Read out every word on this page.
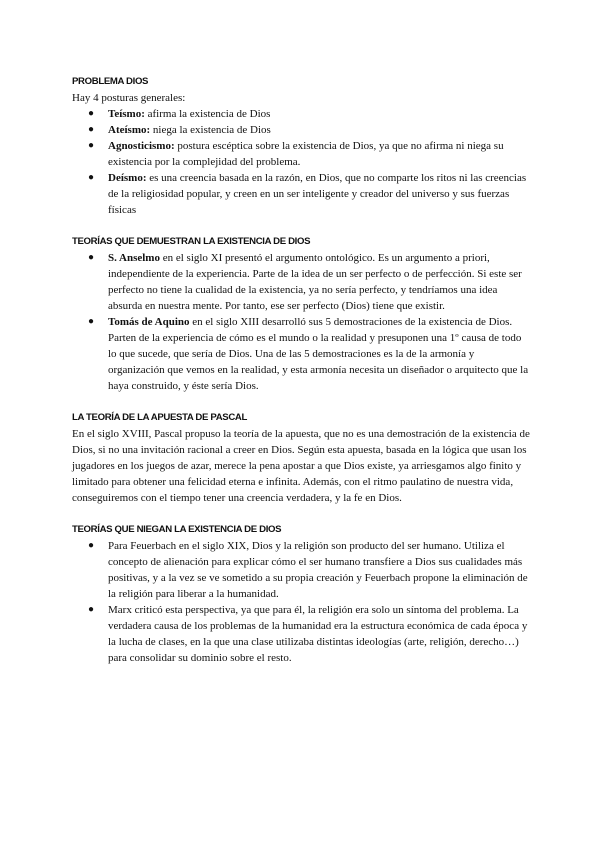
PROBLEMA DIOS
Hay 4 posturas generales:
● Teísmo: afirma la existencia de Dios
● Ateísmo: niega la existencia de Dios
● Agnosticismo: postura escéptica sobre la existencia de Dios, ya que no afirma ni niega su existencia por la complejidad del problema.
● Deísmo: es una creencia basada en la razón, en Dios, que no comparte los ritos ni las creencias de la religiosidad popular, y creen en un ser inteligente y creador del universo y sus fuerzas físicas
TEORÍAS QUE DEMUESTRAN LA EXISTENCIA DE DIOS
● S. Anselmo en el siglo XI presentó el argumento ontológico. Es un argumento a priori, independiente de la experiencia. Parte de la idea de un ser perfecto o de perfección. Si este ser perfecto no tiene la cualidad de la existencia, ya no sería perfecto, y tendríamos una idea absurda en nuestra mente. Por tanto, ese ser perfecto (Dios) tiene que existir.
● Tomás de Aquino en el siglo XIII desarrolló sus 5 demostraciones de la existencia de Dios. Parten de la experiencia de cómo es el mundo o la realidad y presuponen una 1º causa de todo lo que sucede, que sería de Dios. Una de las 5 demostraciones es la de la armonía y organización que vemos en la realidad, y esta armonía necesita un diseñador o arquitecto que la haya construido, y éste sería Dios.
LA TEORÍA DE LA APUESTA DE PASCAL
En el siglo XVIII, Pascal propuso la teoría de la apuesta, que no es una demostración de la existencia de Dios, si no una invitación racional a creer en Dios. Según esta apuesta, basada en la lógica que usan los jugadores en los juegos de azar, merece la pena apostar a que Dios existe, ya arriesgamos algo finito y limitado para obtener una felicidad eterna e infinita. Además, con el ritmo paulatino de nuestra vida, conseguiremos con el tiempo tener una creencia verdadera, y la fe en Dios.
TEORÍAS QUE NIEGAN LA EXISTENCIA DE DIOS
● Para Feuerbach en el siglo XIX, Dios y la religión son producto del ser humano. Utiliza el concepto de alienación para explicar cómo el ser humano transfiere a Dios sus cualidades más positivas, y a la vez se ve sometido a su propia creación y Feuerbach propone la eliminación de la religión para liberar a la humanidad.
● Marx criticó esta perspectiva, ya que para él, la religión era solo un síntoma del problema. La verdadera causa de los problemas de la humanidad era la estructura económica de cada época y la lucha de clases, en la que una clase utilizaba distintas ideologías (arte, religión, derecho…) para consolidar su dominio sobre el resto.
